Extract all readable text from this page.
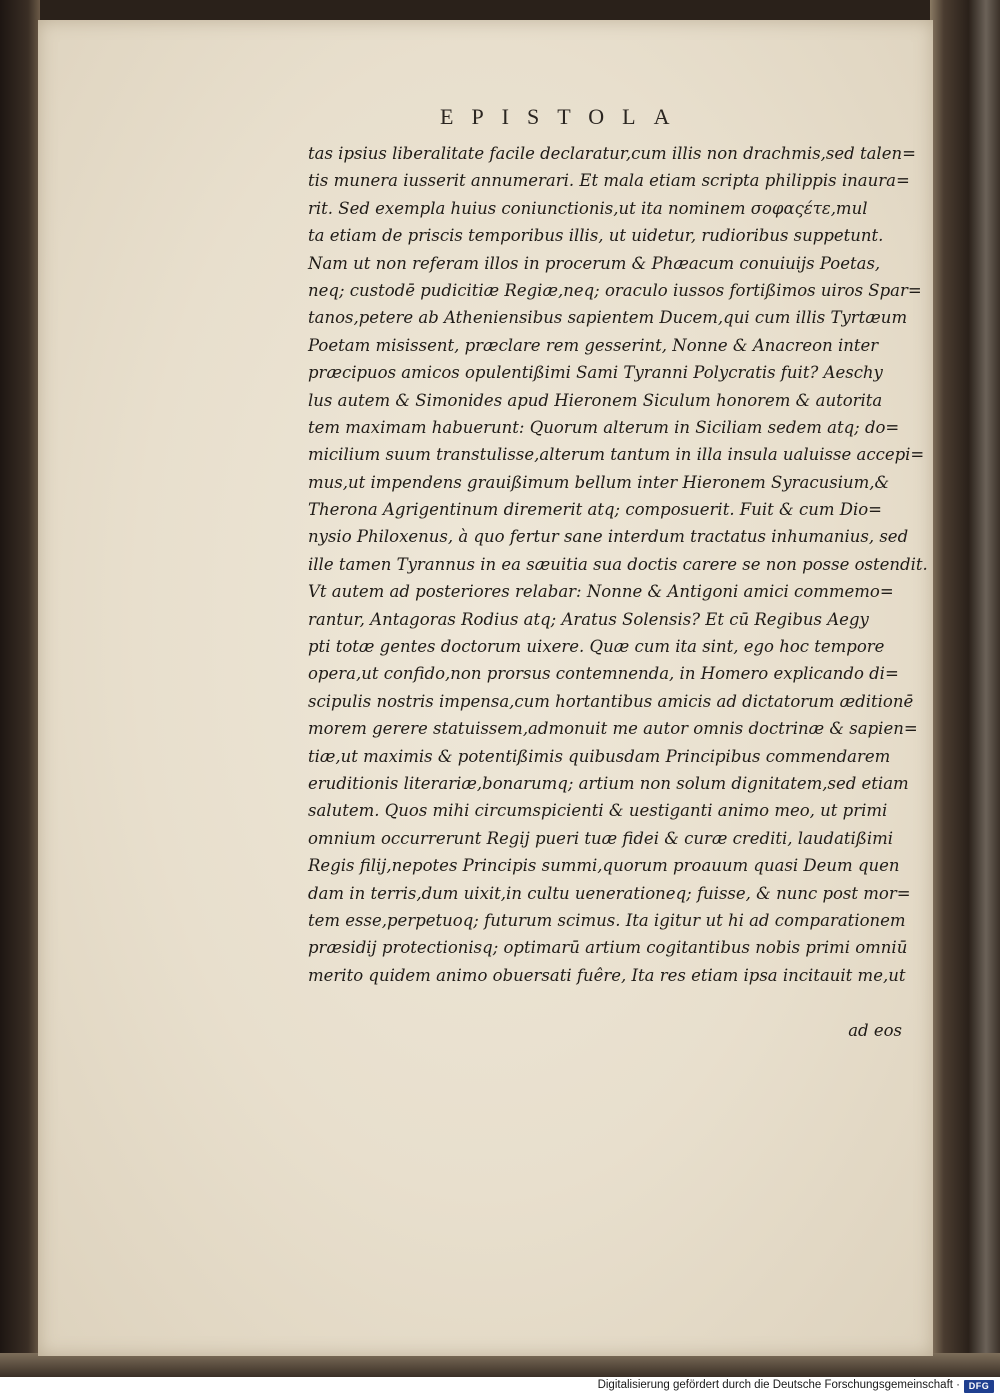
EPISTOLA
tas ipsius liberalitate facile declaratur,cum illis non drachmis,sed talen=
tis munera iusserit annumerari. Et mala etiam scripta philippis inaura=
rit. Sed exempla huius coniunctionis,ut ita nominem σοφαςέτε,mul
ta etiam de priscis temporibus illis, ut uidetur, rudioribus suppetunt.
Nam ut non referam illos in procerum & Phæacum conuiuijs Poetas,
neq; custodē pudicitiæ Regiæ,neq; oraculo iussos fortißimos uiros Spar=
tanos,petere ab Atheniensibus sapientem Ducem,qui cum illis Tyrtæum
Poetam misissent, præclare rem gesserint, Nonne & Anacreon inter
præcipuos amicos opulentißimi Sami Tyranni Polycratis fuit? Aeschy
lus autem & Simonides apud Hieronem Siculum honorem & autorita
tem maximam habuerunt: Quorum alterum in Siciliam sedem atq; do=
micilium suum transtulisse,alterum tantum in illa insula ualuisse accepi=
mus,ut impendens grauißimum bellum inter Hieronem Syracusium,&
Therona Agrigentinum diremerit atq; composuerit. Fuit & cum Dio=
nysio Philoxenus, à quo fertur sane interdum tractatus inhumanius, sed
ille tamen Tyrannus in ea sæuitia sua doctis carere se non posse ostendit.
Vt autem ad posteriores relabar: Nonne & Antigoni amici commemo=
rantur, Antagoras Rodius atq; Aratus Solensis? Et cū Regibus Aegy
pti totæ gentes doctorum uixere. Quæ cum ita sint, ego hoc tempore
opera,ut confido,non prorsus contemnenda, in Homero explicando di=
scipulis nostris impensa,cum hortantibus amicis ad dictatorum æditionē
morem gerere statuissem,admonuit me autor omnis doctrinæ & sapien=
tiæ,ut maximis & potentißimis quibusdam Principibus commendarem
eruditionis literariæ,bonarumq; artium non solum dignitatem,sed etiam
salutem. Quos mihi circumspicienti & uestiganti animo meo, ut primi
omnium occurrerunt Regij pueri tuæ fidei & curæ crediti, laudatißimi
Regis filij,nepotes Principis summi,quorum proauum quasi Deum quen
dam in terris,dum uixit,in cultu uenerationeq; fuisse, & nunc post mor=
tem esse,perpetuoq; futurum scimus. Ita igitur ut hi ad comparationem
præsidij protectionisq; optimarū artium cogitantibus nobis primi omniū
merito quidem animo obuersati fuêre, Ita res etiam ipsa incitauit me,ut
ad eos
Digitalisierung gefördert durch die Deutsche Forschungsgemeinschaft · DFG
